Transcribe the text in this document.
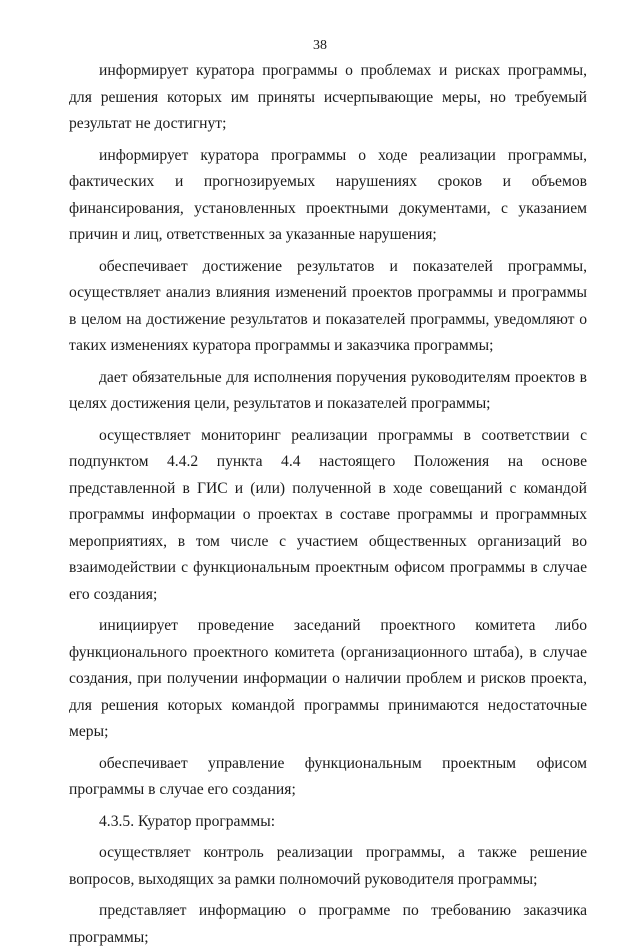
38

информирует куратора программы о проблемах и рисках программы, для решения которых им приняты исчерпывающие меры, но требуемый результат не достигнут;

информирует куратора программы о ходе реализации программы, фактических и прогнозируемых нарушениях сроков и объемов финансирования, установленных проектными документами, с указанием причин и лиц, ответственных за указанные нарушения;

обеспечивает достижение результатов и показателей программы, осуществляет анализ влияния изменений проектов программы и программы в целом на достижение результатов и показателей программы, уведомляют о таких изменениях куратора программы и заказчика программы;

дает обязательные для исполнения поручения руководителям проектов в целях достижения цели, результатов и показателей программы;

осуществляет мониторинг реализации программы в соответствии с подпунктом 4.4.2 пункта 4.4 настоящего Положения на основе представленной в ГИС и (или) полученной в ходе совещаний с командой программы информации о проектах в составе программы и программных мероприятиях, в том числе с участием общественных организаций во взаимодействии с функциональным проектным офисом программы в случае его создания;

инициирует проведение заседаний проектного комитета либо функционального проектного комитета (организационного штаба), в случае создания, при получении информации о наличии проблем и рисков проекта, для решения которых командой программы принимаются недостаточные меры;

обеспечивает управление функциональным проектным офисом программы в случае его создания;

4.3.5. Куратор программы:

осуществляет контроль реализации программы, а также решение вопросов, выходящих за рамки полномочий руководителя программы;

представляет информацию о программе по требованию заказчика программы;
